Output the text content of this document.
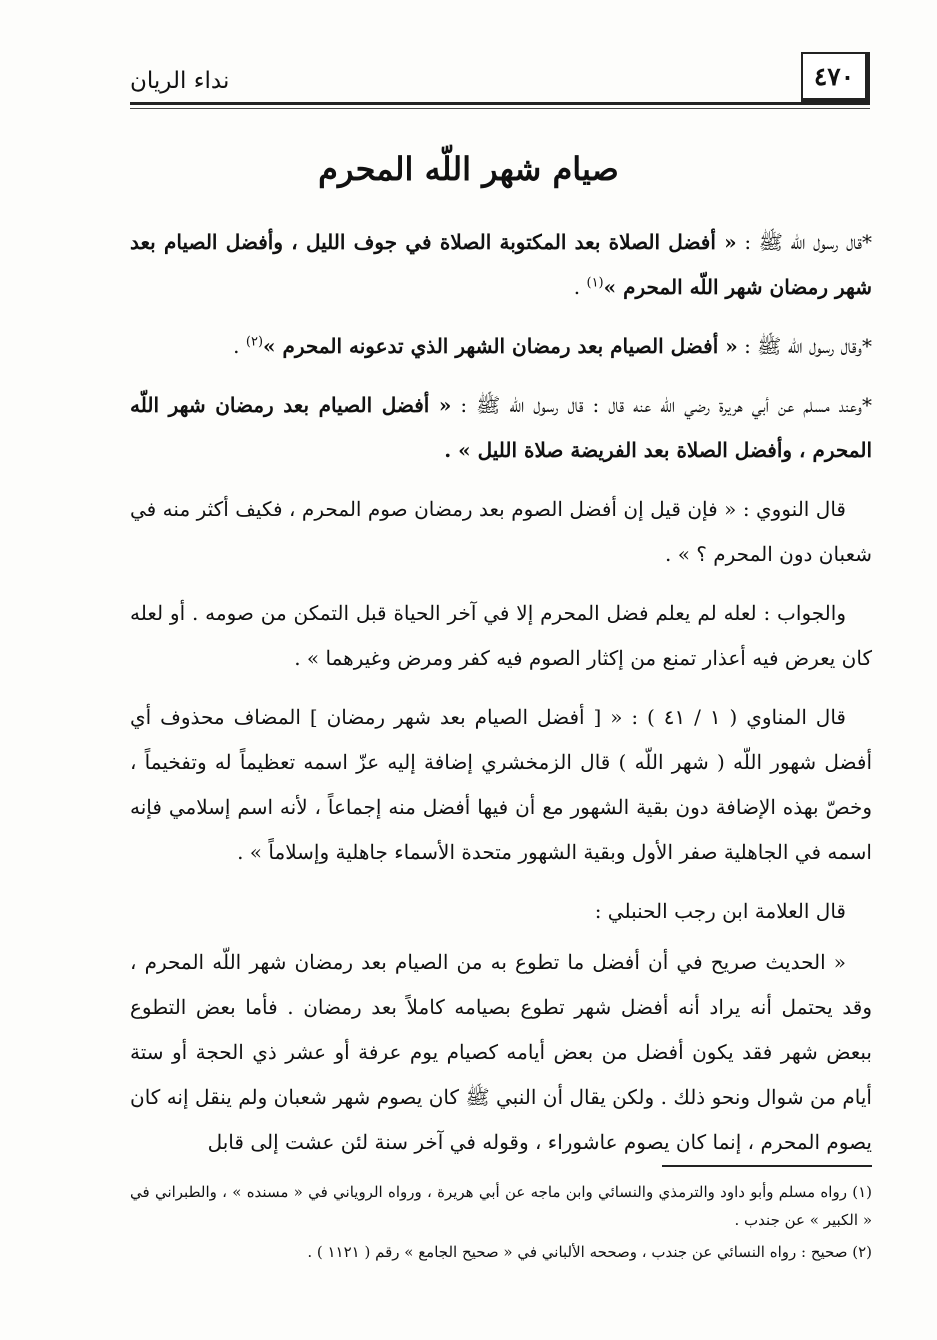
٤٧٠
نداء الريان
صيام شهر اللّه المحرم

*قال رسول اللّه ﷺ : « أفضل الصلاة بعد المكتوبة الصلاة في جوف الليل ، وأفضل الصيام بعد شهر رمضان شهر اللّه المحرم »$^{(١)}$ .

*وقال رسول اللّه ﷺ : « أفضل الصيام بعد رمضان الشهر الذي تدعونه المحرم »$^{(٢)}$ .

*وعند مسلم عن أبي هريرة رضي اللّه عنه قال : قال رسول اللّه ﷺ : « أفضل الصيام بعد رمضان شهر اللّه المحرم ، وأفضل الصلاة بعد الفريضة صلاة الليل » .

قال النووي : « فإن قيل إن أفضل الصوم بعد رمضان صوم المحرم ، فكيف أكثر منه في شعبان دون المحرم ؟ » .

والجواب : لعله لم يعلم فضل المحرم إلا في آخر الحياة قبل التمكن من صومه . أو لعله كان يعرض فيه أعذار تمنع من إكثار الصوم فيه كفر ومرض وغيرهما » .

قال المناوي ( ١ / ٤١ ) : « [ أفضل الصيام بعد شهر رمضان ] المضاف محذوف أي أفضل شهور اللّه ( شهر اللّه ) قال الزمخشري إضافة إليه عزّ اسمه تعظيماً له وتفخيماً ، وخصّ بهذه الإضافة دون بقية الشهور مع أن فيها أفضل منه إجماعاً ، لأنه اسم إسلامي فإنه اسمه في الجاهلية صفر الأول وبقية الشهور متحدة الأسماء جاهلية وإسلاماً » .

قال العلامة ابن رجب الحنبلي :

« الحديث صريح في أن أفضل ما تطوع به من الصيام بعد رمضان شهر اللّه المحرم ، وقد يحتمل أنه يراد أنه أفضل شهر تطوع بصيامه كاملاً بعد رمضان . فأما بعض التطوع ببعض شهر فقد يكون أفضل من بعض أيامه كصيام يوم عرفة أو عشر ذي الحجة أو ستة أيام من شوال ونحو ذلك . ولكن يقال أن النبي ﷺ كان يصوم شهر شعبان ولم ينقل إنه كان يصوم المحرم ، إنما كان يصوم عاشوراء ، وقوله في آخر سنة لئن عشت إلى قابل

(١) رواه مسلم وأبو داود والترمذي والنسائي وابن ماجه عن أبي هريرة ، ورواه الروياني في « مسنده » ، والطبراني في « الكبير » عن جندب .

(٢) صحيح : رواه النسائي عن جندب ، وصححه الألباني في « صحيح الجامع » رقم ( ١١٢١ ) .
